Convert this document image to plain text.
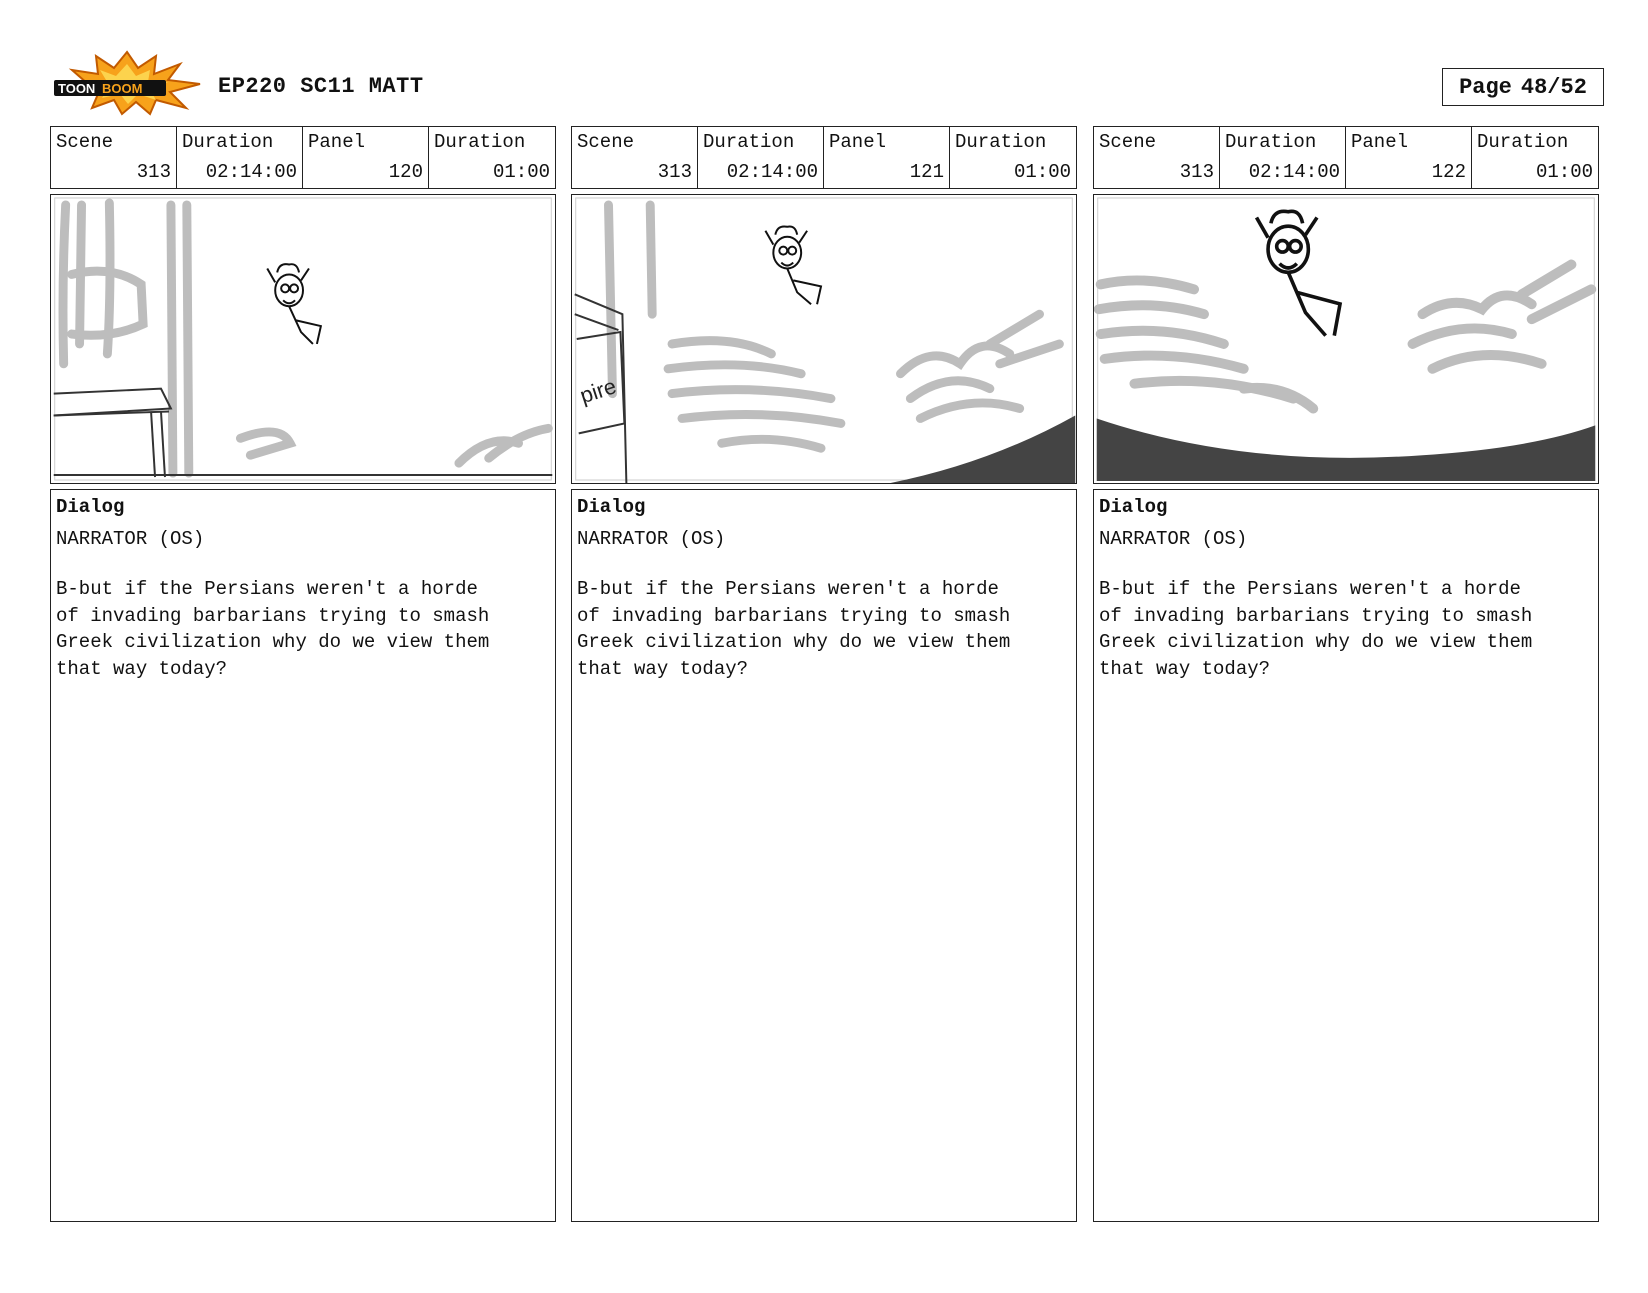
TOON BOOM	EP220 SC11 MATT	Page 48/52
Scene
313
Duration
02:14:00
Panel
120
Duration
01:00
Dialog
NARRATOR (OS)
B-but if the Persians weren't a horde
of invading barbarians trying to smash
Greek civilization why do we view them
that way today?
Scene
313
Duration
02:14:00
Panel
121
Duration
01:00
pire
Dialog
NARRATOR (OS)
B-but if the Persians weren't a horde
of invading barbarians trying to smash
Greek civilization why do we view them
that way today?
Scene
313
Duration
02:14:00
Panel
122
Duration
01:00
Dialog
NARRATOR (OS)
B-but if the Persians weren't a horde
of invading barbarians trying to smash
Greek civilization why do we view them
that way today?
